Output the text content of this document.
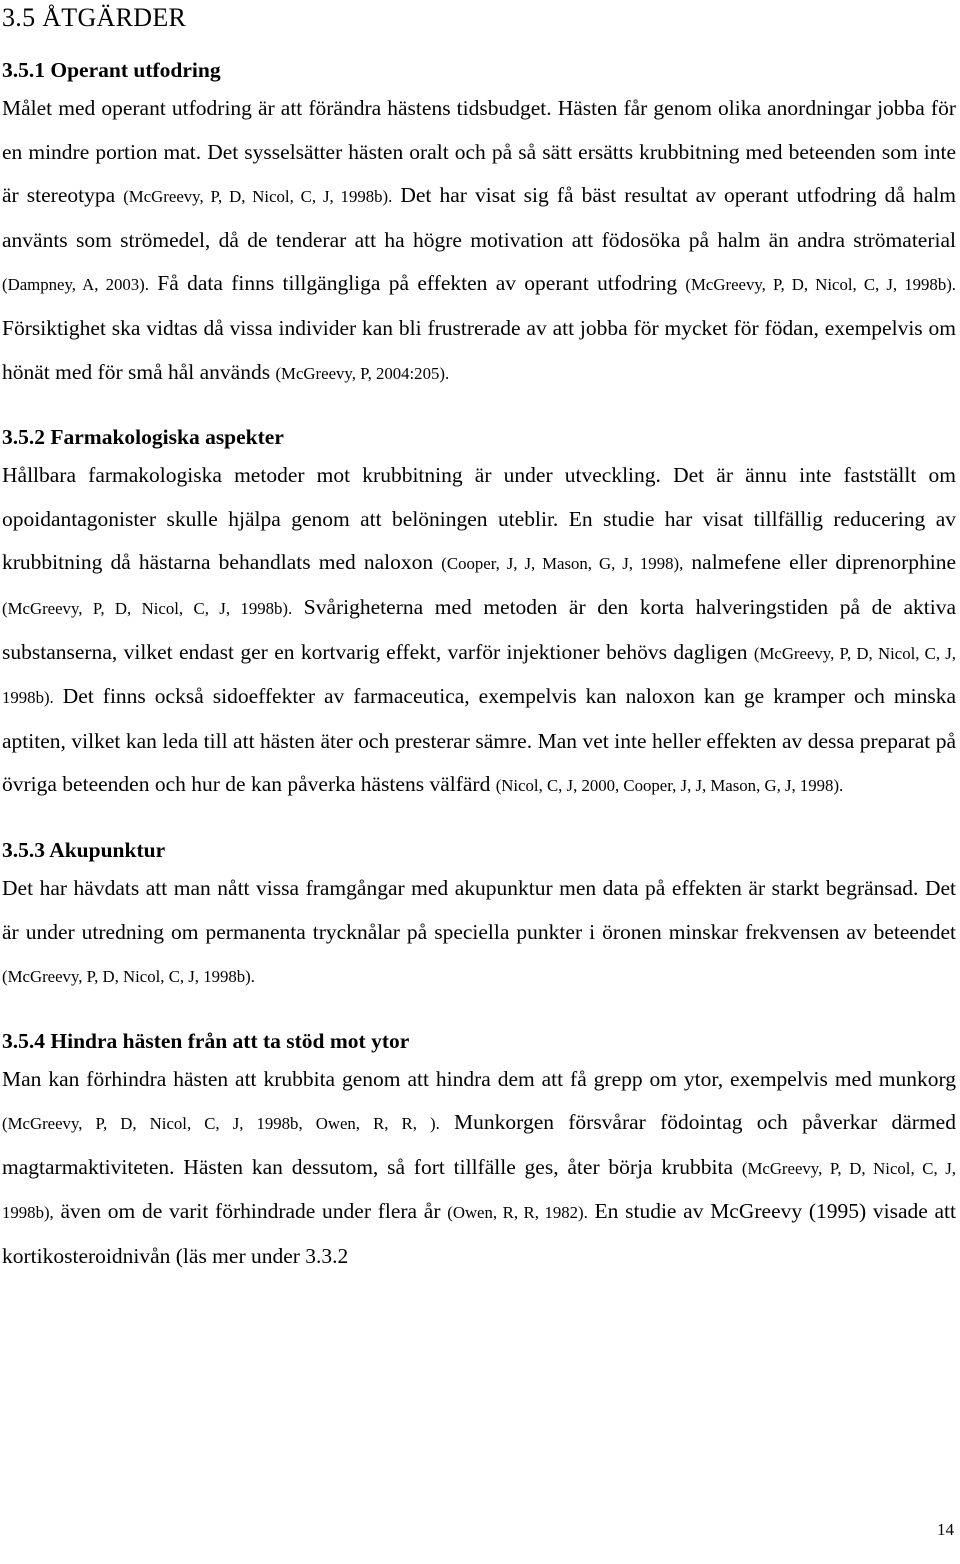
3.5 ÅTGÄRDER
3.5.1 Operant utfodring

Målet med operant utfodring är att förändra hästens tidsbudget. Hästen får genom olika anordningar jobba för en mindre portion mat. Det sysselsätter hästen oralt och på så sätt ersätts krubbitning med beteenden som inte är stereotypa (McGreevy, P, D, Nicol, C, J, 1998b). Det har visat sig få bäst resultat av operant utfodring då halm använts som strömedel, då de tenderar att ha högre motivation att födosöka på halm än andra strömaterial (Dampney, A, 2003). Få data finns tillgängliga på effekten av operant utfodring (McGreevy, P, D, Nicol, C, J, 1998b). Försiktighet ska vidtas då vissa individer kan bli frustrerade av att jobba för mycket för födan, exempelvis om hönät med för små hål används (McGreevy, P, 2004:205).

3.5.2 Farmakologiska aspekter

Hållbara farmakologiska metoder mot krubbitning är under utveckling. Det är ännu inte fastställt om opoidantagonister skulle hjälpa genom att belöningen uteblir. En studie har visat tillfällig reducering av krubbitning då hästarna behandlats med naloxon (Cooper, J, J, Mason, G, J, 1998), nalmefene eller diprenorphine (McGreevy, P, D, Nicol, C, J, 1998b). Svårigheterna med metoden är den korta halveringstiden på de aktiva substanserna, vilket endast ger en kortvarig effekt, varför injektioner behövs dagligen (McGreevy, P, D, Nicol, C, J, 1998b). Det finns också sidoeffekter av farmaceutica, exempelvis kan naloxon kan ge kramper och minska aptiten, vilket kan leda till att hästen äter och presterar sämre. Man vet inte heller effekten av dessa preparat på övriga beteenden och hur de kan påverka hästens välfärd (Nicol, C, J, 2000, Cooper, J, J, Mason, G, J, 1998).

3.5.3 Akupunktur

Det har hävdats att man nått vissa framgångar med akupunktur men data på effekten är starkt begränsad. Det är under utredning om permanenta trycknålar på speciella punkter i öronen minskar frekvensen av beteendet (McGreevy, P, D, Nicol, C, J, 1998b).

3.5.4 Hindra hästen från att ta stöd mot ytor

Man kan förhindra hästen att krubbita genom att hindra dem att få grepp om ytor, exempelvis med munkorg (McGreevy, P, D, Nicol, C, J, 1998b, Owen, R, R, ). Munkorgen försvårar födointag och påverkar därmed magtarmaktiviteten. Hästen kan dessutom, så fort tillfälle ges, åter börja krubbita (McGreevy, P, D, Nicol, C, J, 1998b), även om de varit förhindrade under flera år (Owen, R, R, 1982). En studie av McGreevy (1995) visade att kortikosteroidnivån (läs mer under 3.3.2

14
